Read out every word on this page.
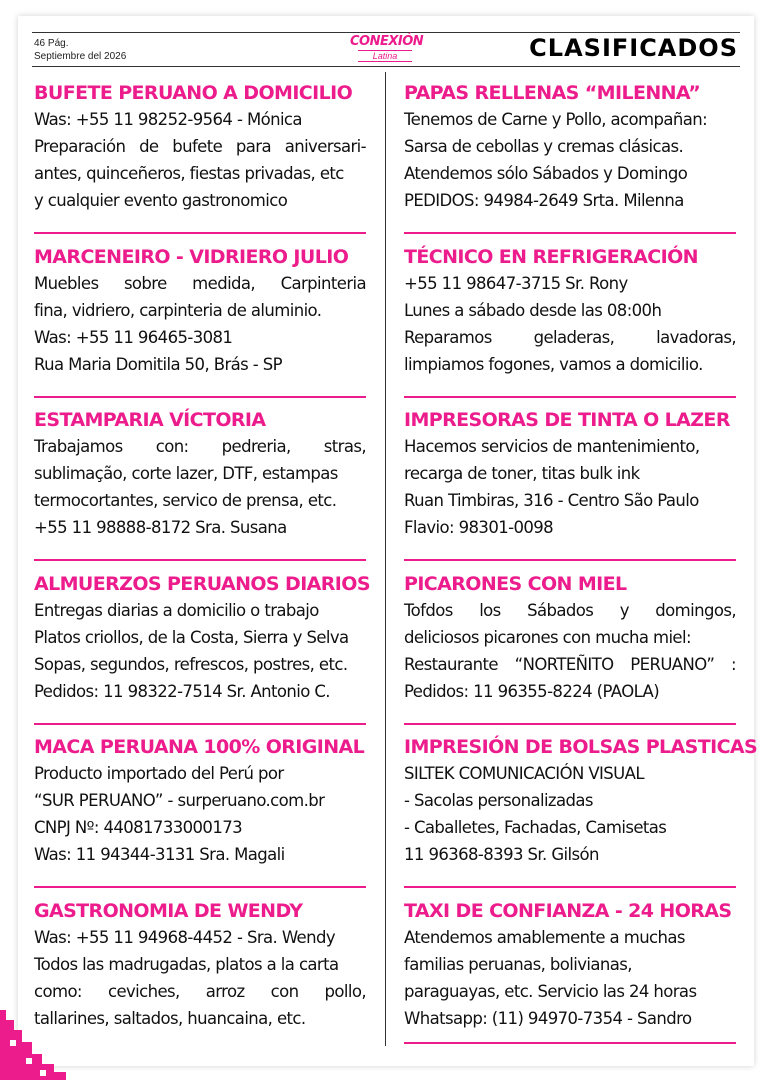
46 Pág.
Septiembre del 2026
CONEXIÓN
Latina	CLASIFICADOS
BUFETE PERUANO A DOMICILIO
Was: +55 11 98252-9564 - Mónica
Preparación de bufete para aniversari-
antes, quinceñeros, fiestas privadas, etc
y cualquier evento gastronomico
MARCENEIRO - VIDRIERO JULIO
Muebles sobre medida, Carpinteria
fina, vidriero, carpinteria de aluminio.
Was: +55 11 96465-3081
Rua Maria Domitila 50, Brás - SP
ESTAMPARIA VÍCTORIA
Trabajamos con: pedreria, stras,
sublimação, corte lazer, DTF, estampas
termocortantes, servico de prensa, etc.
+55 11 98888-8172 Sra. Susana
ALMUERZOS PERUANOS DIARIOS
Entregas diarias a domicilio o trabajo
Platos criollos, de la Costa, Sierra y Selva
Sopas, segundos, refrescos, postres, etc.
Pedidos: 11 98322-7514 Sr. Antonio C.
MACA PERUANA 100% ORIGINAL
Producto importado del Perú por
“SUR PERUANO” - surperuano.com.br
CNPJ Nº: 44081733000173
Was: 11 94344-3131 Sra. Magali
GASTRONOMIA DE WENDY
Was: +55 11 94968-4452 - Sra. Wendy
Todos las madrugadas, platos a la carta
como: ceviches, arroz con pollo,
tallarines, saltados, huancaina, etc.
PAPAS RELLENAS “MILENNA”
Tenemos de Carne y Pollo, acompañan:
Sarsa de cebollas y cremas clásicas.
Atendemos sólo Sábados y Domingo
PEDIDOS: 94984-2649 Srta. Milenna
TÉCNICO EN REFRIGERACIÓN
+55 11 98647-3715 Sr. Rony
Lunes a sábado desde las 08:00h
Reparamos geladeras, lavadoras,
limpiamos fogones, vamos a domicilio.
IMPRESORAS DE TINTA O LAZER
Hacemos servicios de mantenimiento,
recarga de toner, titas bulk ink
Ruan Timbiras, 316 - Centro São Paulo
Flavio: 98301-0098
PICARONES CON MIEL
Tofdos los Sábados y domingos,
deliciosos picarones con mucha miel:
Restaurante “NORTEÑITO PERUANO” :
Pedidos: 11 96355-8224 (PAOLA)
IMPRESIÓN DE BOLSAS PLASTICAS
SILTEK COMUNICACIÓN VISUAL
- Sacolas personalizadas
- Caballetes, Fachadas, Camisetas
11 96368-8393 Sr. Gilsón
TAXI DE CONFIANZA - 24 HORAS
Atendemos amablemente a muchas
familias peruanas, bolivianas,
paraguayas, etc. Servicio las 24 horas
Whatsapp: (11) 94970-7354 - Sandro
